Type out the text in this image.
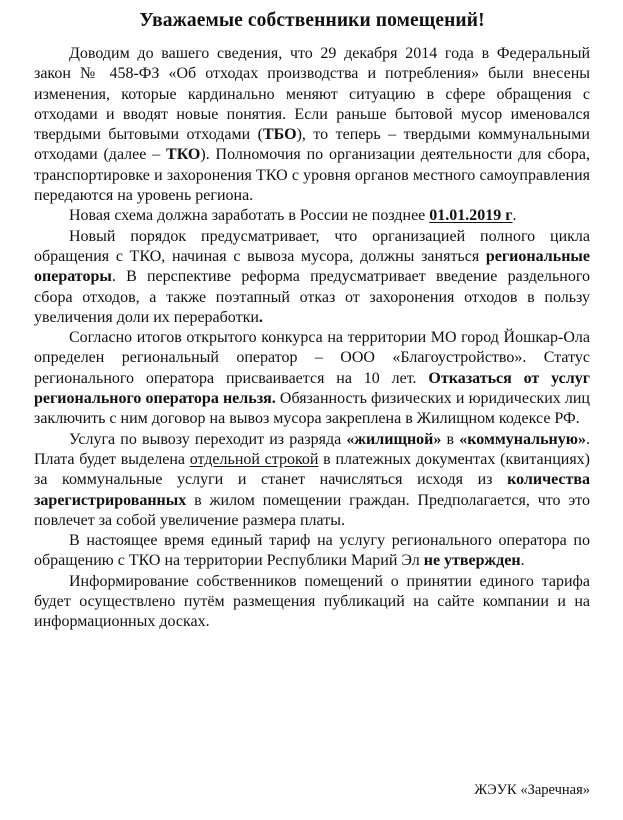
Уважаемые собственники помещений!

Доводим до вашего сведения, что 29 декабря 2014 года в Федеральный закон № 458-ФЗ «Об отходах производства и потребления» были внесены изменения, которые кардинально меняют ситуацию в сфере обращения с отходами и вводят новые понятия. Если раньше бытовой мусор именовался твердыми бытовыми отходами (ТБО), то теперь – твердыми коммунальными отходами (далее – ТКО). Полномочия по организации деятельности для сбора, транспортировке и захоронения ТКО с уровня органов местного самоуправления передаются на уровень региона.

Новая схема должна заработать в России не позднее 01.01.2019 г.

Новый порядок предусматривает, что организацией полного цикла обращения с ТКО, начиная с вывоза мусора, должны заняться региональные операторы. В перспективе реформа предусматривает введение раздельного сбора отходов, а также поэтапный отказ от захоронения отходов в пользу увеличения доли их переработки.

Согласно итогов открытого конкурса на территории МО город Йошкар-Ола определен региональный оператор – ООО «Благоустройство». Статус регионального оператора присваивается на 10 лет. Отказаться от услуг регионального оператора нельзя. Обязанность физических и юридических лиц заключить с ним договор на вывоз мусора закреплена в Жилищном кодексе РФ.

Услуга по вывозу переходит из разряда «жилищной» в «коммунальную». Плата будет выделена отдельной строкой в платежных документах (квитанциях) за коммунальные услуги и станет начисляться исходя из количества зарегистрированных в жилом помещении граждан. Предполагается, что это повлечет за собой увеличение размера платы.

В настоящее время единый тариф на услугу регионального оператора по обращению с ТКО на территории Республики Марий Эл не утвержден.

Информирование собственников помещений о принятии единого тарифа будет осуществлено путём размещения публикаций на сайте компании и на информационных досках.

ЖЭУК «Заречная»
